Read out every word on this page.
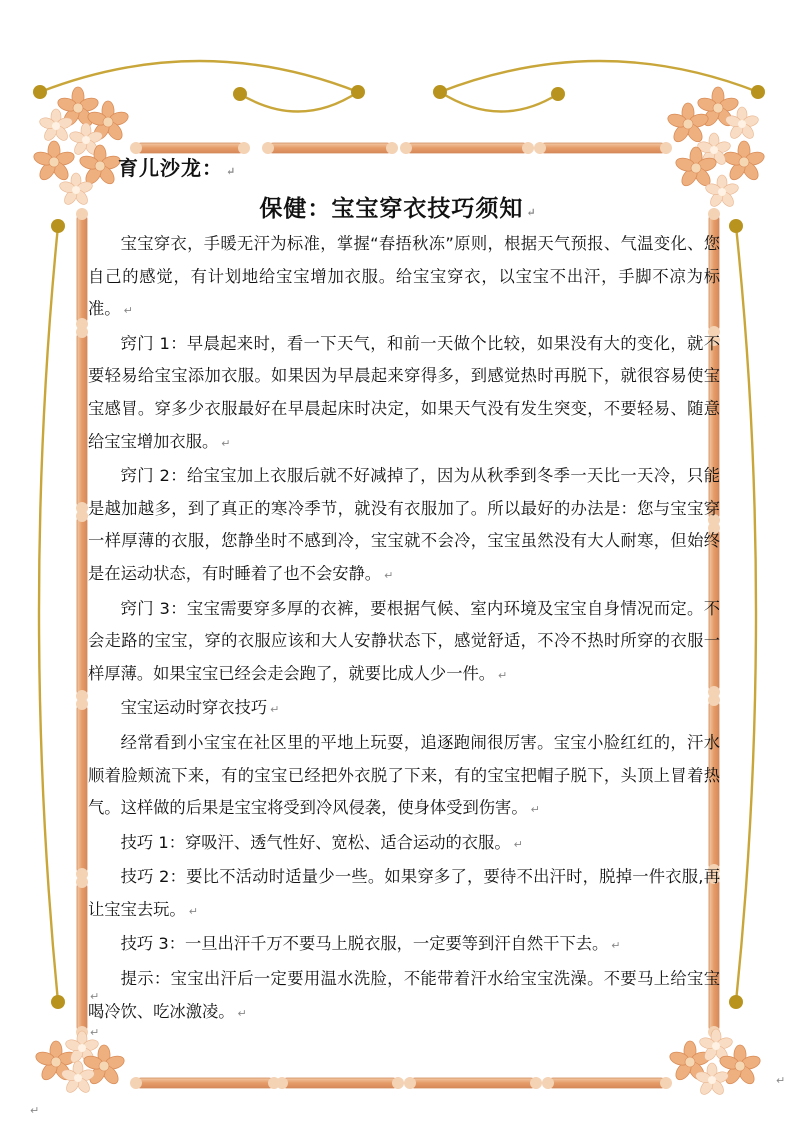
育儿沙龙： ↵
保健：宝宝穿衣技巧须知 ↵

宝宝穿衣，手暖无汗为标准，掌握“春捂秋冻”原则，根据天气预报、气温变化、您自己的感觉，有计划地给宝宝增加衣服。给宝宝穿衣，以宝宝不出汗，手脚不凉为标准。 ↵

窍门 1：早晨起来时，看一下天气，和前一天做个比较，如果没有大的变化，就不要轻易给宝宝添加衣服。如果因为早晨起来穿得多，到感觉热时再脱下，就很容易使宝宝感冒。穿多少衣服最好在早晨起床时决定，如果天气没有发生突变，不要轻易、随意给宝宝增加衣服。 ↵

窍门 2：给宝宝加上衣服后就不好减掉了，因为从秋季到冬季一天比一天冷，只能是越加越多，到了真正的寒冷季节，就没有衣服加了。所以最好的办法是：您与宝宝穿一样厚薄的衣服，您静坐时不感到冷，宝宝就不会冷，宝宝虽然没有大人耐寒，但始终是在运动状态，有时睡着了也不会安静。 ↵

窍门 3：宝宝需要穿多厚的衣裤，要根据气候、室内环境及宝宝自身情况而定。不会走路的宝宝，穿的衣服应该和大人安静状态下，感觉舒适，不冷不热时所穿的衣服一样厚薄。如果宝宝已经会走会跑了，就要比成人少一件。 ↵

宝宝运动时穿衣技巧 ↵

经常看到小宝宝在社区里的平地上玩耍，追逐跑闹很厉害。宝宝小脸红红的，汗水顺着脸颊流下来，有的宝宝已经把外衣脱了下来，有的宝宝把帽子脱下，头顶上冒着热气。这样做的后果是宝宝将受到冷风侵袭，使身体受到伤害。 ↵

技巧 1：穿吸汗、透气性好、宽松、适合运动的衣服。 ↵

技巧 2：要比不活动时适量少一些。如果穿多了，要待不出汗时，脱掉一件衣服,再让宝宝去玩。 ↵

技巧 3：一旦出汗千万不要马上脱衣服，一定要等到汗自然干下去。 ↵

提示：宝宝出汗后一定要用温水洗脸，不能带着汗水给宝宝洗澡。不要马上给宝宝喝冷饮、吃冰激凌。 ↵

↵
↵
↵
↵
